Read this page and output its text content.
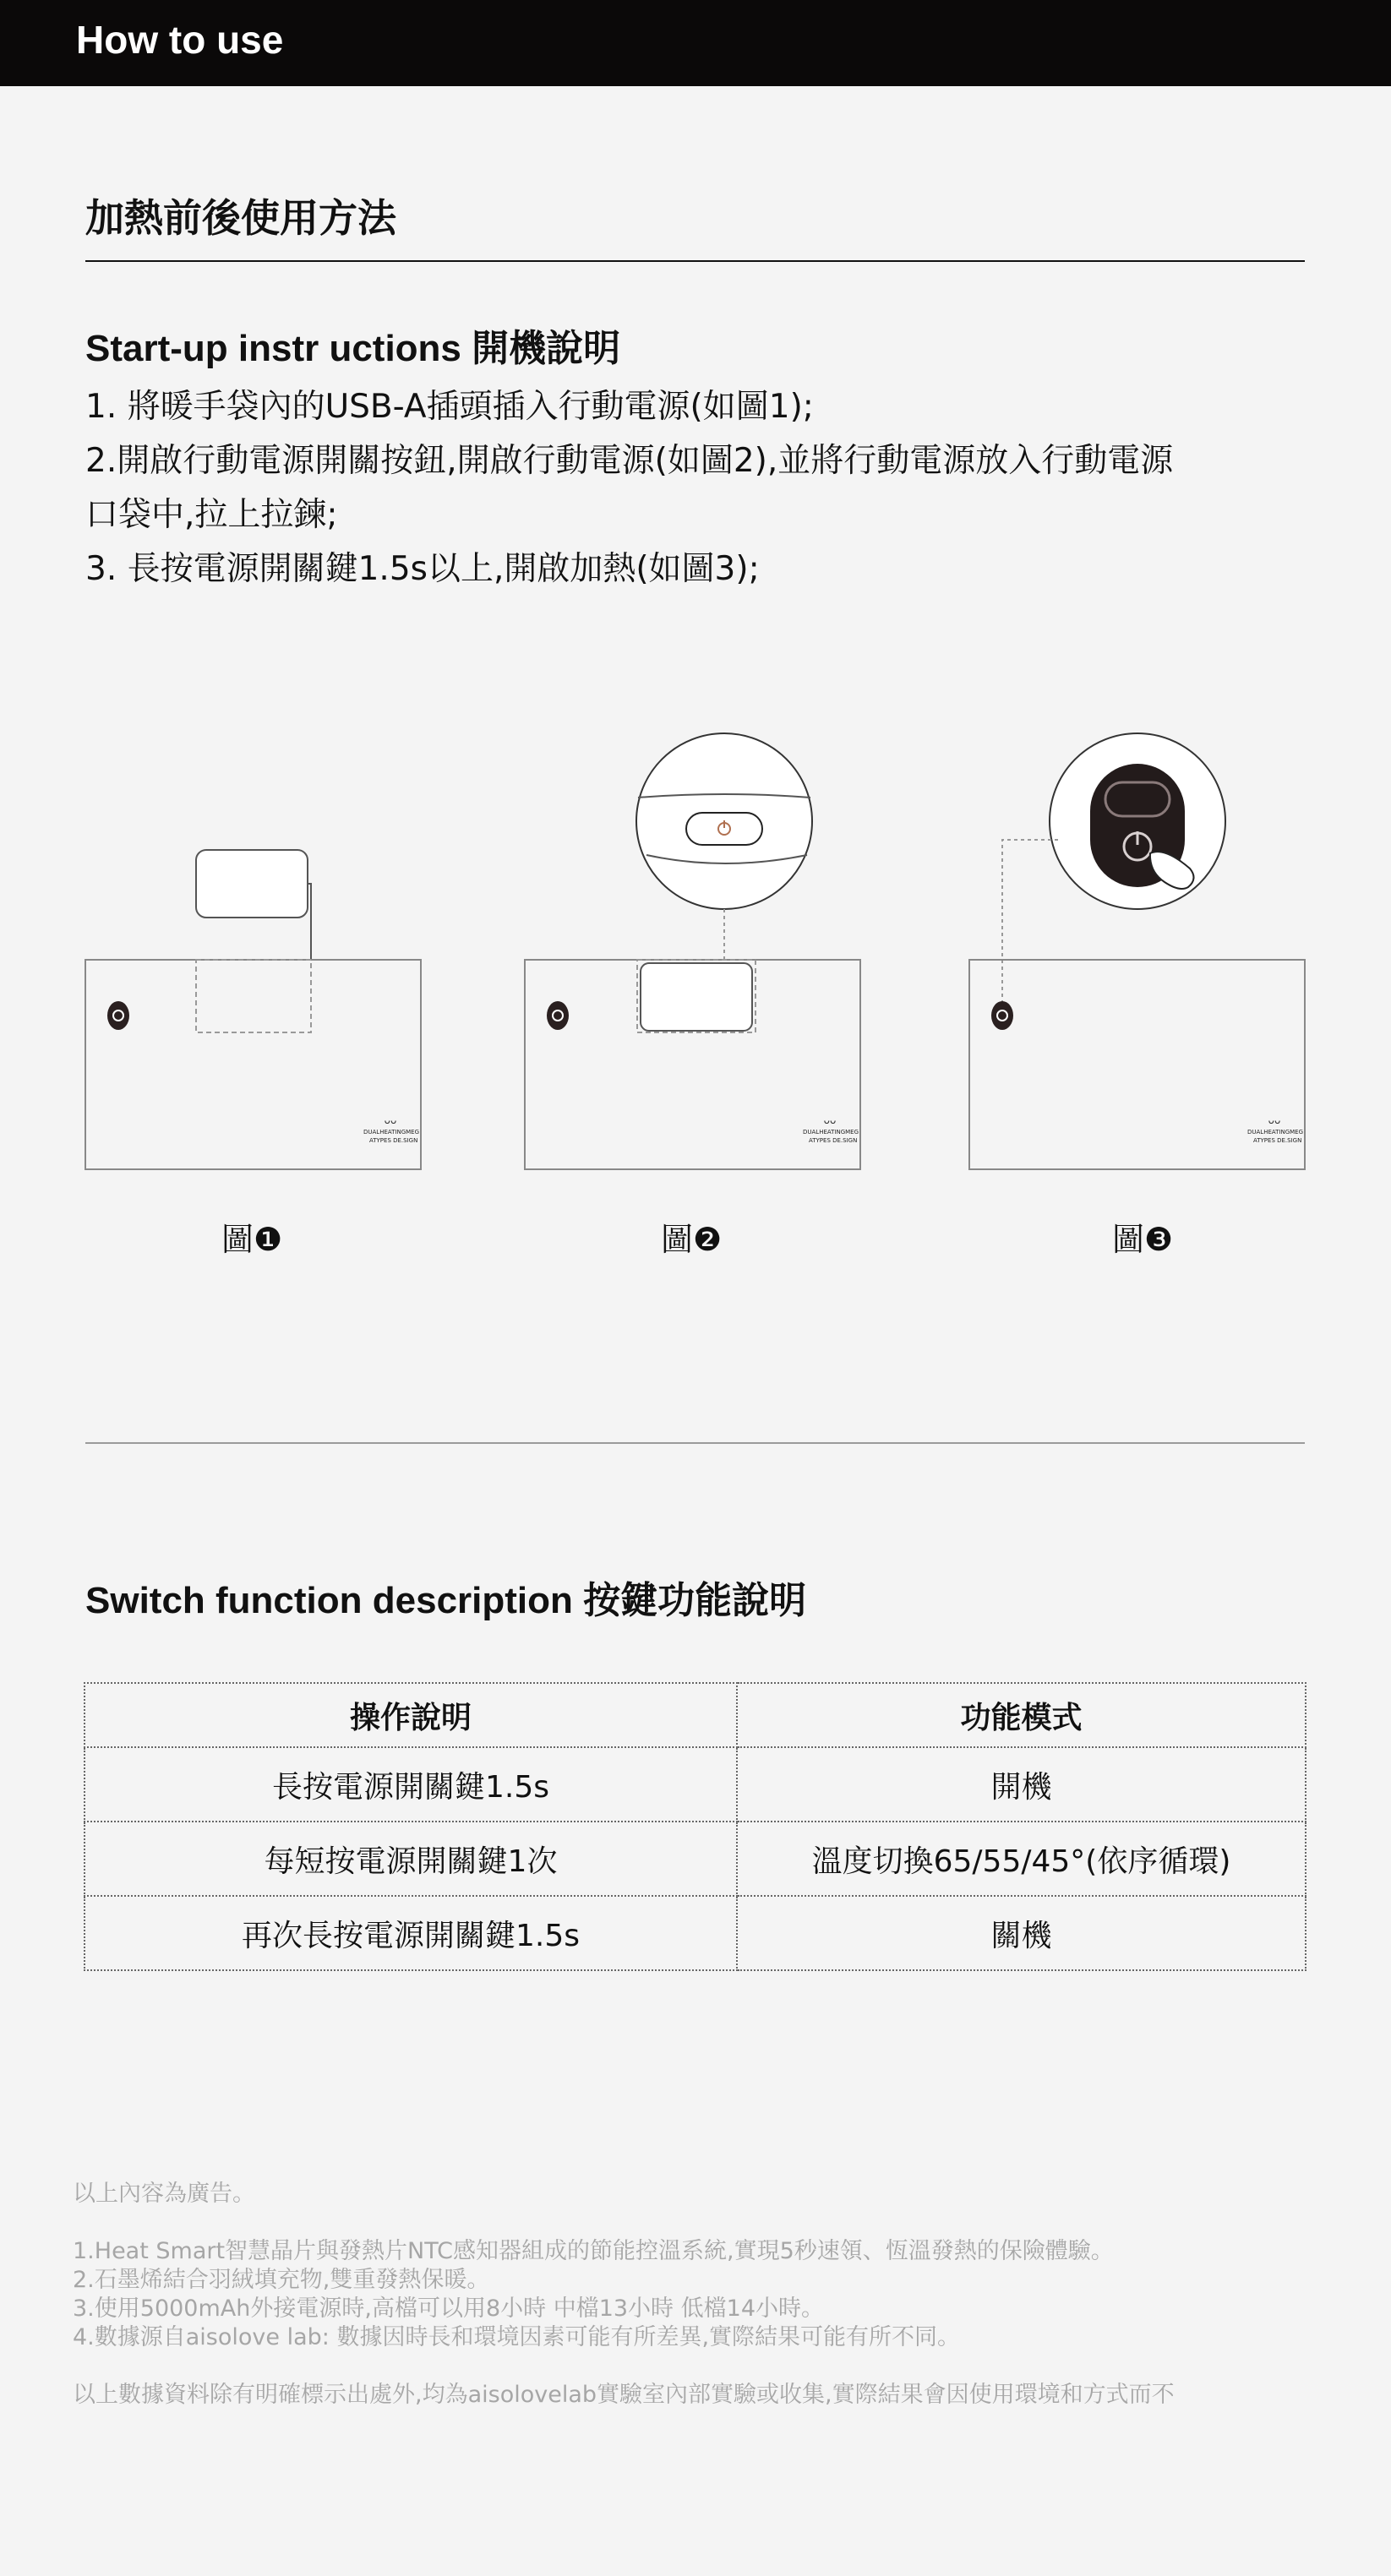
How to use
加熱前後使用方法
Start-up instr uctions 開機說明
1. 將暖手袋內的USB-A插頭插入行動電源(如圖1);
2.開啟行動電源開關按鈕,開啟行動電源(如圖2),並將行動電源放入行動電源
口袋中,拉上拉鍊;
3. 長按電源開關鍵1.5s以上,開啟加熱(如圖3);
ᴗᴗ
DUALHEATINGMEG
ATYPES DE.SIGN
圖❶
ᴗᴗ
DUALHEATINGMEG
ATYPES DE.SIGN
圖❷
ᴗᴗ
DUALHEATINGMEG
ATYPES DE.SIGN
圖❸
Switch function description 按鍵功能說明
操作說明	功能模式
長按電源開關鍵1.5s	開機
每短按電源開關鍵1次	溫度切換65/55/45°(依序循環)
再次長按電源開關鍵1.5s	關機

以上內容為廣告。

1.Heat Smart智慧晶片與發熱片NTC感知器組成的節能控溫系統,實現5秒速領、恆溫發熱的保險體驗。

2.石墨烯結合羽絨填充物,雙重發熱保暖。

3.使用5000mAh外接電源時,高檔可以用8小時 中檔13小時 低檔14小時。

4.數據源自aisolove lab: 數據因時長和環境因素可能有所差異,實際結果可能有所不同。

以上數據資料除有明確標示出處外,均為aisolovelab實驗室內部實驗或收集,實際結果會因使用環境和方式而不
